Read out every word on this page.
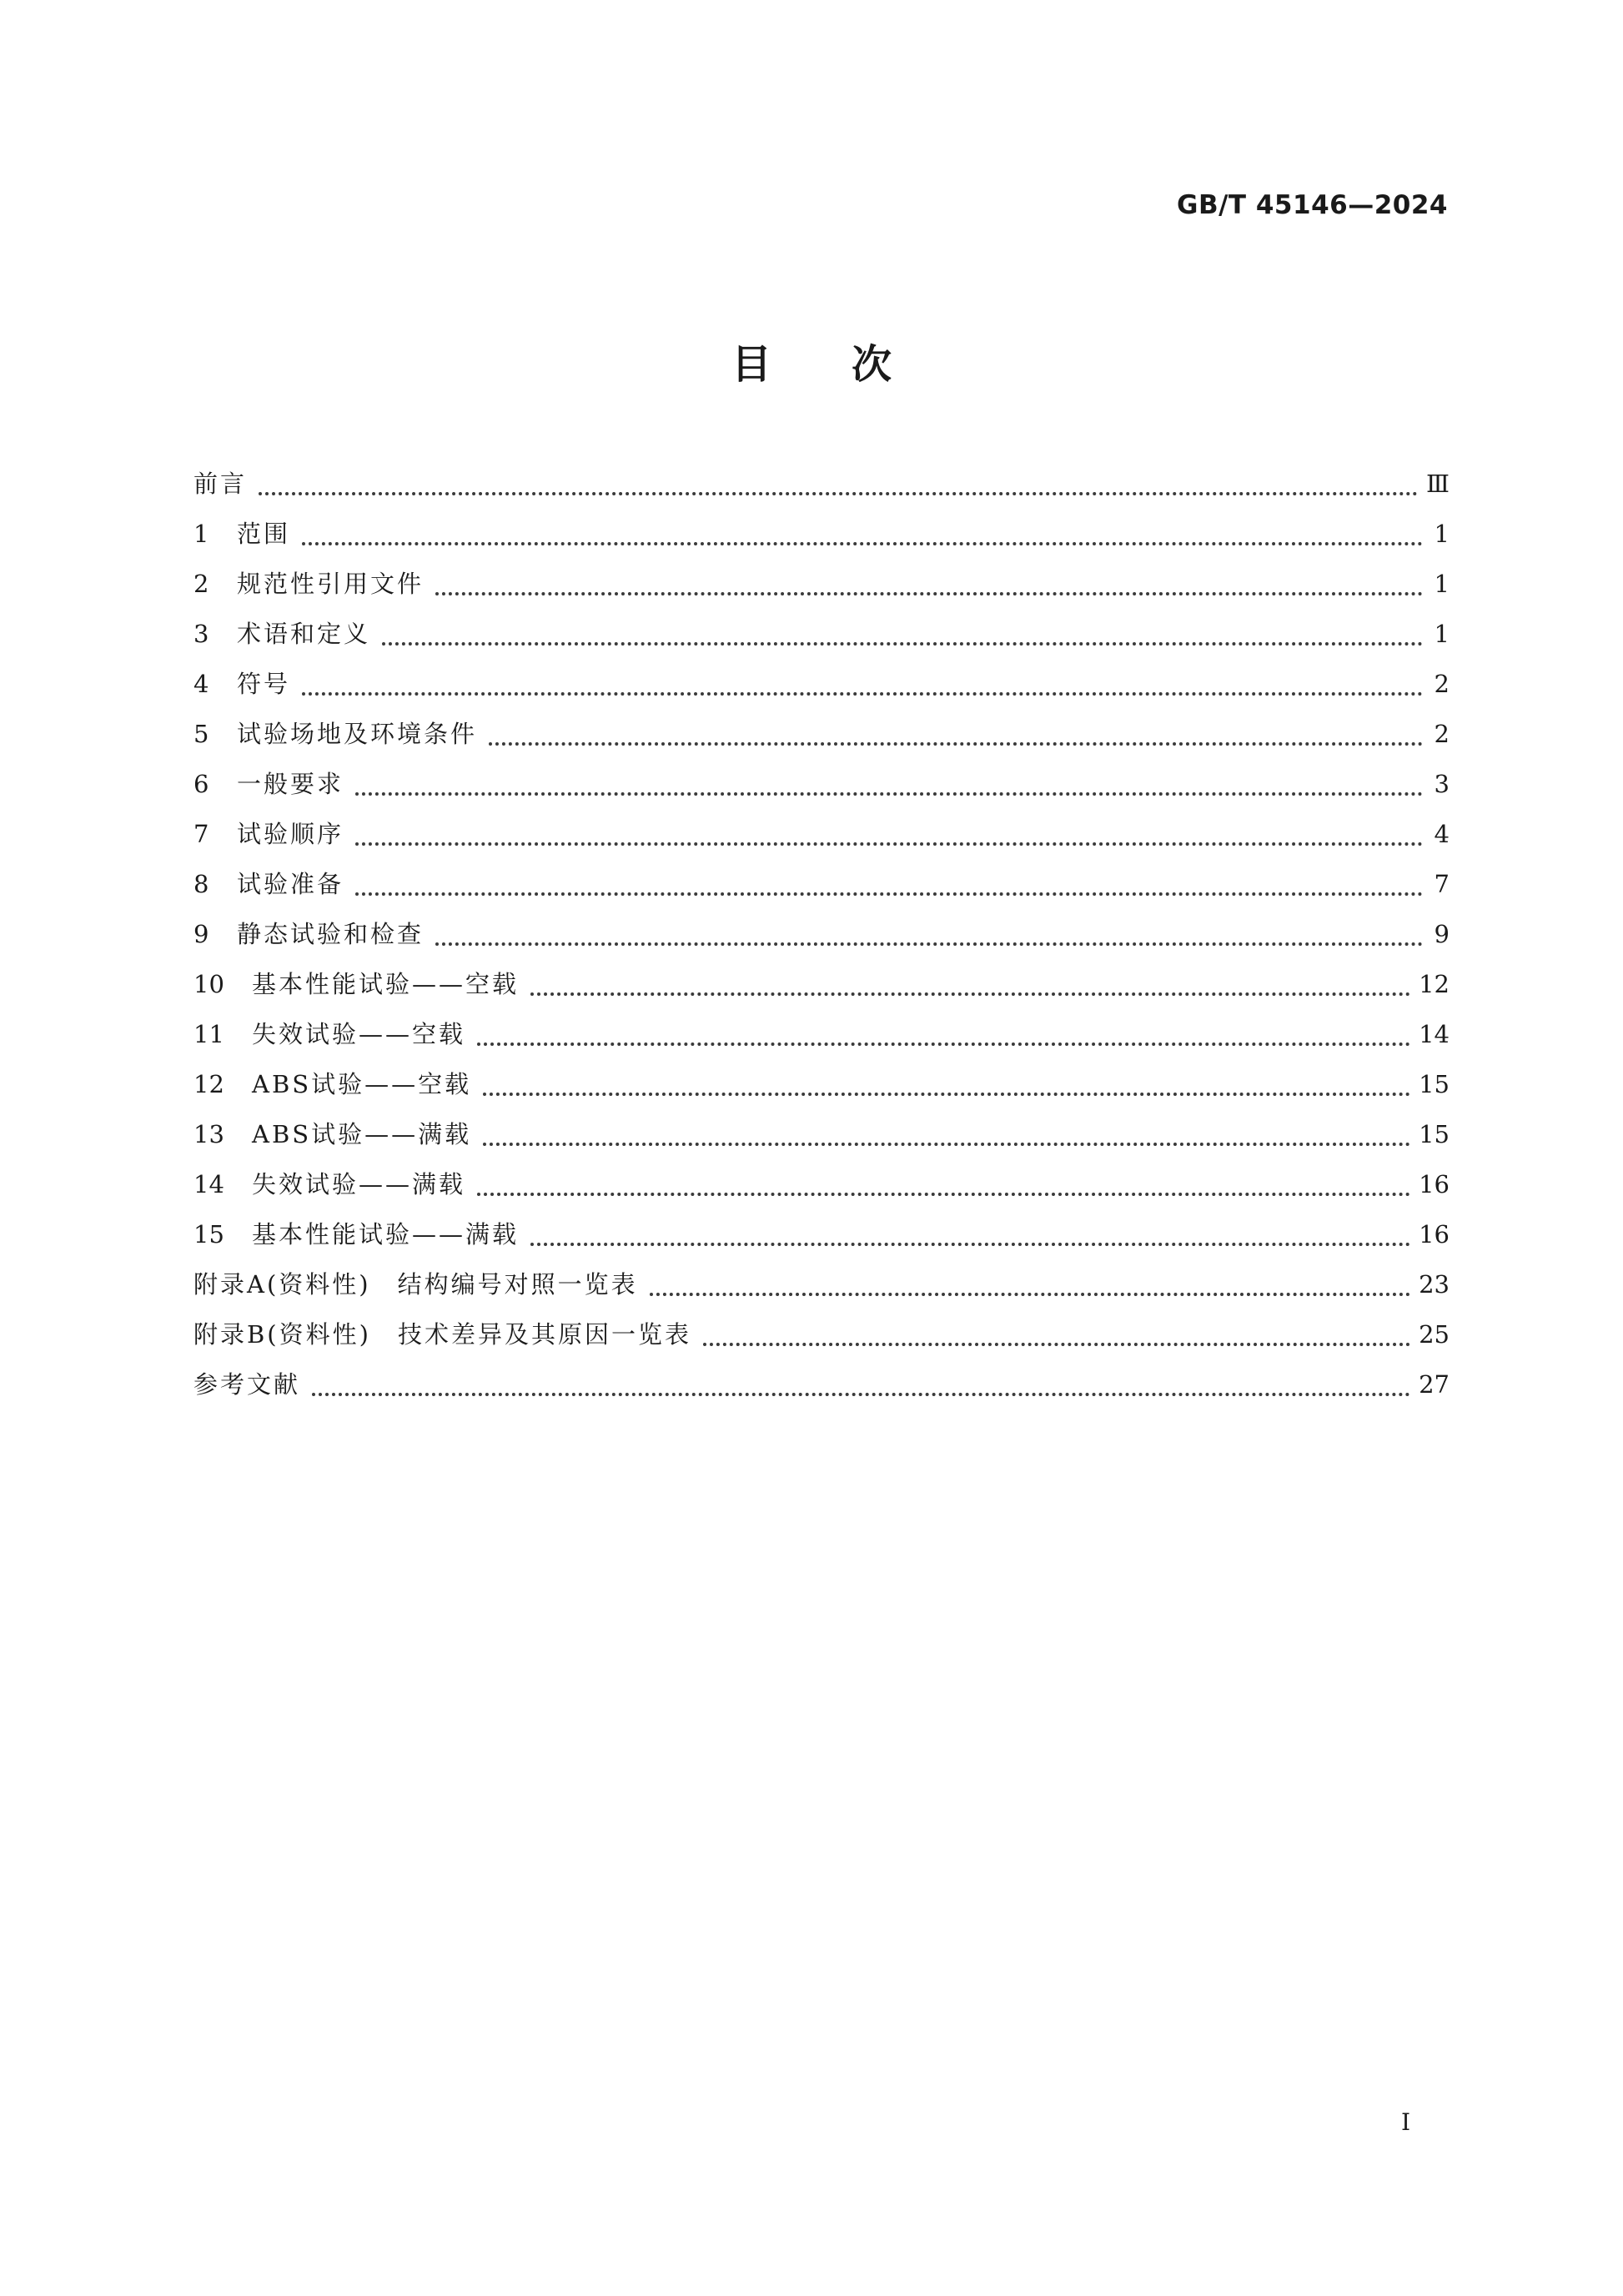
GB/T 45146—2024
目次
前言	Ⅲ
1	范围	1
2	规范性引用文件	1
3	术语和定义	1
4	符号	2
5	试验场地及环境条件	2
6	一般要求	3
7	试验顺序	4
8	试验准备	7
9	静态试验和检查	9
10	基本性能试验——空载	12
11	失效试验——空载	14
12	ABS试验——空载	15
13	ABS试验——满载	15
14	失效试验——满载	16
15	基本性能试验——满载	16
附录A(资料性)　结构编号对照一览表	23
附录B(资料性)　技术差异及其原因一览表	25
参考文献	27
I
